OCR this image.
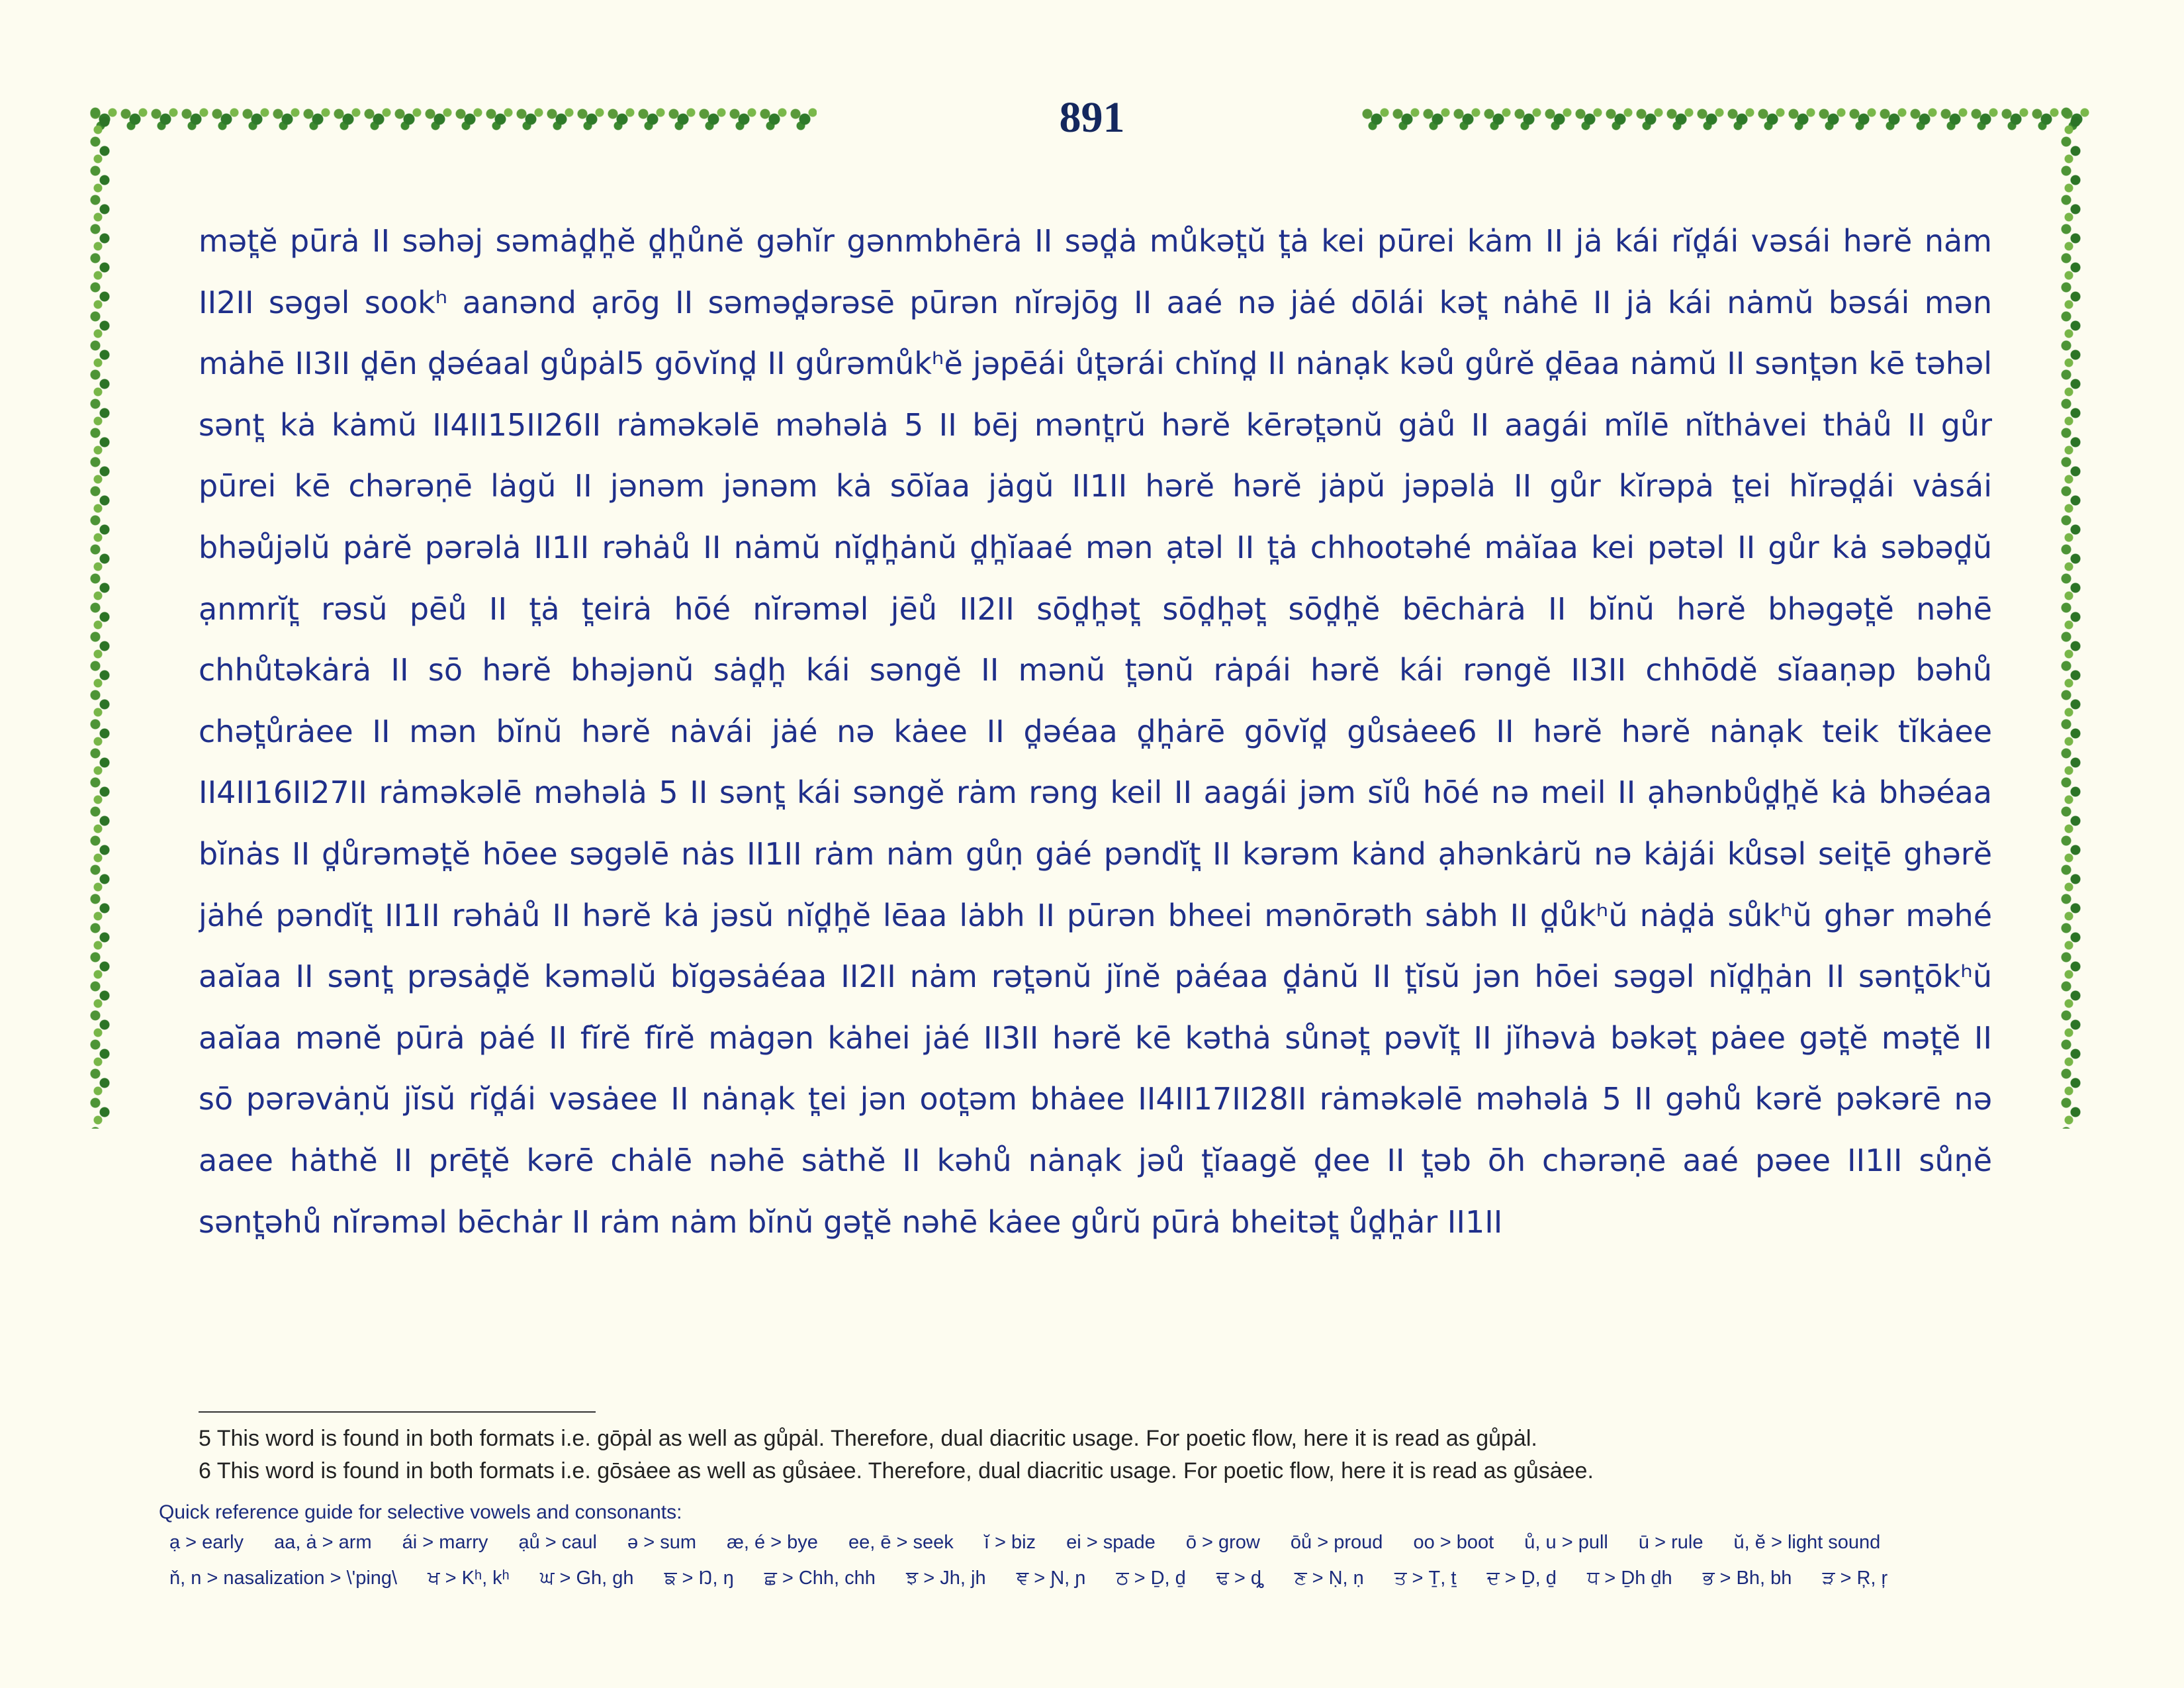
891
mət̪ĕ pūrȧ II səhəj səmȧd̪h̪ĕ d̪h̪ůnĕ gəhĭr gənmbhērȧ II səd̪ȧ můkət̪ŭ t̪ȧ kei pūrei kȧm II jȧ kái rĭd̪ái vəsái hərĕ nȧm
II2II səgəl sookʰ aanənd ạrōg II səməd̪ərəsē pūrən nĭrəjōg II aaé nə jȧé dōlái kət̪ nȧhē II jȧ kái nȧmŭ bəsái mən
mȧhē II3II d̪ēn d̪əéaal gůpȧl5 gōvĭnd̪ II gůrəmůkʰĕ jəpēái ůt̪ərái chĭnd̪ II nȧnạk kəů gůrĕ d̪ēaa nȧmŭ II sənt̪ən kē təhəl
sənt̪ kȧ kȧmŭ II4II15II26II rȧməkəlē məhəlȧ 5 II bēj mənt̪rŭ hərĕ kērət̪ənŭ gȧů II aagái mĭlē nĭthȧvei thȧů II gůr
pūrei kē chərəṇē lȧgŭ II jənəm jənəm kȧ sōĭaa jȧgŭ II1II hərĕ hərĕ jȧpŭ jəpəlȧ II gůr kĭrəpȧ t̪ei hĭrəd̪ái vȧsái
bhəůjəlŭ pȧrĕ pərəlȧ II1II rəhȧů II nȧmŭ nĭd̪h̪ȧnŭ d̪h̪ĭaaé mən ạtəl II t̪ȧ chhootəhé mȧĭaa kei pətəl II gůr kȧ səbəd̪ŭ
ạnmrĭt̪ rəsŭ pēů II t̪ȧ t̪eirȧ hōé nĭrəməl jēů II2II sōd̪h̪ət̪ sōd̪h̪ət̪ sōd̪h̪ĕ bēchȧrȧ II bĭnŭ hərĕ bhəgət̪ĕ nəhē
chhůtəkȧrȧ II sō hərĕ bhəjənŭ sȧd̪h̪ kái səngĕ II mənŭ t̪ənŭ rȧpái hərĕ kái rəngĕ II3II chhōdĕ sĭaaṇəp bəhů
chət̪ůrȧee II mən bĭnŭ hərĕ nȧvái jȧé nə kȧee II d̪əéaa d̪h̪ȧrē gōvĭd̪ gůsȧee6 II hərĕ hərĕ nȧnạk teik tĭkȧee
II4II16II27II rȧməkəlē məhəlȧ 5 II sənt̪ kái səngĕ rȧm rəng keil II aagái jəm sĭů hōé nə meil II ạhənbůd̪h̪ĕ kȧ bhəéaa
bĭnȧs II d̪ůrəmət̪ĕ hōee səgəlē nȧs II1II rȧm nȧm gůṇ gȧé pəndĭt̪ II kərəm kȧnd ạhənkȧrŭ nə kȧjái kůsəl seit̪ē ghərĕ
jȧhé pəndĭt̪ II1II rəhȧů II hərĕ kȧ jəsŭ nĭd̪h̪ĕ lēaa lȧbh II pūrən bheei mənōrəth sȧbh II d̪ůkʰŭ nȧd̪ȧ sůkʰŭ ghər məhé
aaĭaa II sənt̪ prəsȧd̪ĕ kəməlŭ bĭgəsȧéaa II2II nȧm rət̪ənŭ jĭnĕ pȧéaa d̪ȧnŭ II t̪ĭsŭ jən hōei səgəl nĭd̪h̪ȧn II sənt̪ōkʰŭ
aaĭaa mənĕ pūrȧ pȧé II fĭrĕ fĭrĕ mȧgən kȧhei jȧé II3II hərĕ kē kəthȧ sůnət̪ pəvĭt̪ II jĭhəvȧ bəkət̪ pȧee gət̪ĕ mət̪ĕ II
sō pərəvȧṇŭ jĭsŭ rĭd̪ái vəsȧee II nȧnạk t̪ei jən oot̪əm bhȧee II4II17II28II rȧməkəlē məhəlȧ 5 II gəhů kərĕ pəkərē nə
aaee hȧthĕ II prēt̪ĕ kərē chȧlē nəhē sȧthĕ II kəhů nȧnạk jəů t̪ĭaagĕ d̪ee II t̪əb ōh chərəṇē aaé pəee II1II sůṇĕ
sənt̪əhů nĭrəməl bēchȧr II rȧm nȧm bĭnŭ gət̪ĕ nəhē kȧee gůrŭ pūrȧ bheitət̪ ůd̪h̪ȧr II1II
5 This word is found in both formats i.e. gōpȧl as well as gůpȧl. Therefore, dual diacritic usage. For poetic flow, here it is read as gůpȧl.
6 This word is found in both formats i.e. gōsȧee as well as gůsȧee. Therefore, dual diacritic usage. For poetic flow, here it is read as gůsȧee.
Quick reference guide for selective vowels and consonants:
ạ > early aa, ȧ > arm ái > marry ạů > caul ə > sum æ, é > bye ee, ē > seek ĭ > biz ei > spade ō > grow ōů > proud oo > boot ů, u > pull ū > rule ŭ, ĕ > light sound
ň, n > nasalization > \'ping\ ਖ > Kʰ, kʰ ਘ > Gh, gh ਙ > Ŋ, ŋ ਛ > Chh, chh ਝ > Jh, jh ਞ > Ɲ, ɲ ਠ > Ḏ, ḏ ਢ > ȡ ਣ > Ṇ, ṇ ਤ > Ṯ, ṯ ਦ > Ḏ, ḏ ਧ > Ḏh ḏh ਭ > Bh, bh ੜ > Ŗ, ŗ
